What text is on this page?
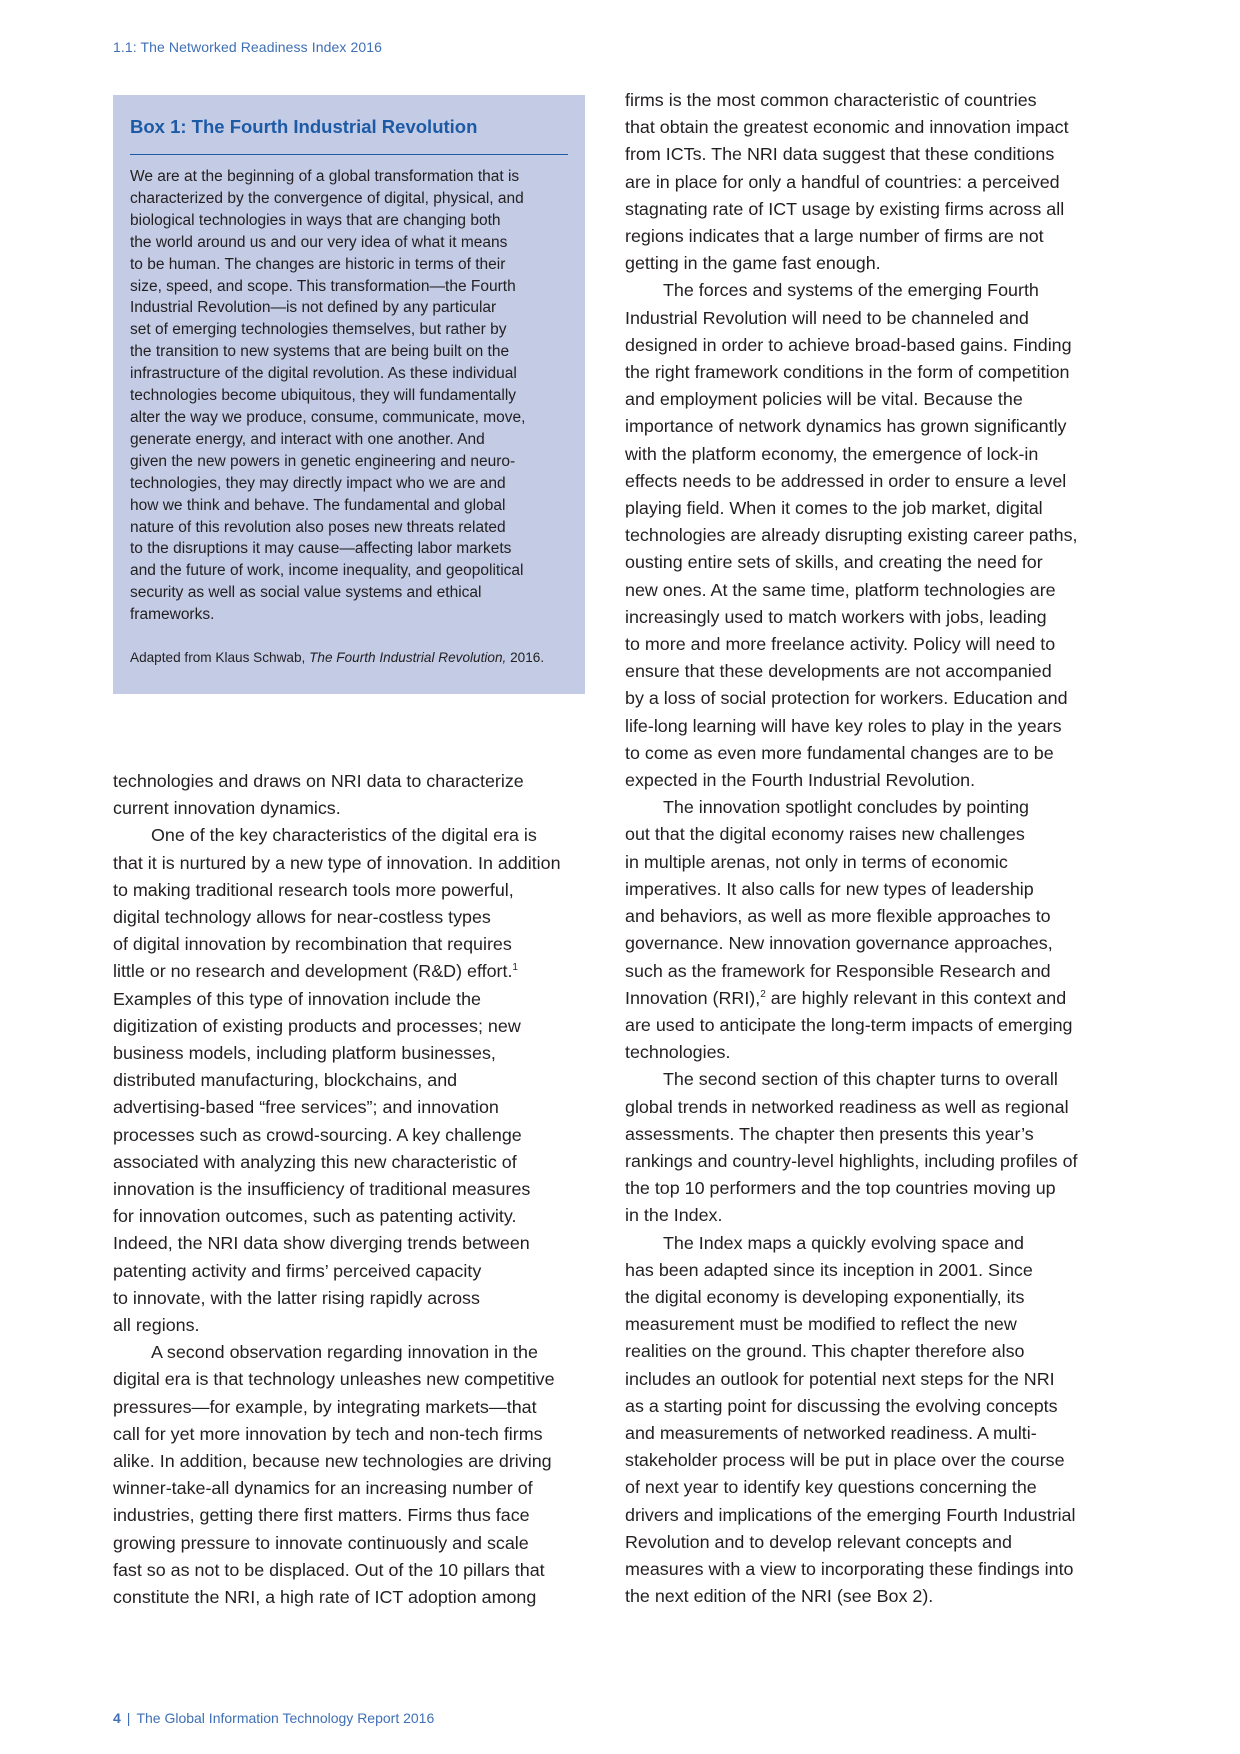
1.1: The Networked Readiness Index 2016
Box 1: The Fourth Industrial Revolution

We are at the beginning of a global transformation that is
characterized by the convergence of digital, physical, and
biological technologies in ways that are changing both
the world around us and our very idea of what it means
to be human. The changes are historic in terms of their
size, speed, and scope. This transformation—the Fourth
Industrial Revolution—is not defined by any particular
set of emerging technologies themselves, but rather by
the transition to new systems that are being built on the
infrastructure of the digital revolution. As these individual
technologies become ubiquitous, they will fundamentally
alter the way we produce, consume, communicate, move,
generate energy, and interact with one another. And
given the new powers in genetic engineering and neuro-
technologies, they may directly impact who we are and
how we think and behave. The fundamental and global
nature of this revolution also poses new threats related
to the disruptions it may cause—affecting labor markets
and the future of work, income inequality, and geopolitical
security as well as social value systems and ethical
frameworks.

Adapted from Klaus Schwab, The Fourth Industrial Revolution, 2016.

technologies and draws on NRI data to characterize
current innovation dynamics.

One of the key characteristics of the digital era is
that it is nurtured by a new type of innovation. In addition
to making traditional research tools more powerful,
digital technology allows for near-costless types
of digital innovation by recombination that requires
little or no research and development (R&D) effort.$^1$
Examples of this type of innovation include the
digitization of existing products and processes; new
business models, including platform businesses,
distributed manufacturing, blockchains, and
advertising-based “free services”; and innovation
processes such as crowd-sourcing. A key challenge
associated with analyzing this new characteristic of
innovation is the insufficiency of traditional measures
for innovation outcomes, such as patenting activity.
Indeed, the NRI data show diverging trends between
patenting activity and firms’ perceived capacity
to innovate, with the latter rising rapidly across
all regions.

A second observation regarding innovation in the
digital era is that technology unleashes new competitive
pressures—for example, by integrating markets—that
call for yet more innovation by tech and non-tech firms
alike. In addition, because new technologies are driving
winner-take-all dynamics for an increasing number of
industries, getting there first matters. Firms thus face
growing pressure to innovate continuously and scale
fast so as not to be displaced. Out of the 10 pillars that
constitute the NRI, a high rate of ICT adoption among

firms is the most common characteristic of countries
that obtain the greatest economic and innovation impact
from ICTs. The NRI data suggest that these conditions
are in place for only a handful of countries: a perceived
stagnating rate of ICT usage by existing firms across all
regions indicates that a large number of firms are not
getting in the game fast enough.

The forces and systems of the emerging Fourth
Industrial Revolution will need to be channeled and
designed in order to achieve broad-based gains. Finding
the right framework conditions in the form of competition
and employment policies will be vital. Because the
importance of network dynamics has grown significantly
with the platform economy, the emergence of lock-in
effects needs to be addressed in order to ensure a level
playing field. When it comes to the job market, digital
technologies are already disrupting existing career paths,
ousting entire sets of skills, and creating the need for
new ones. At the same time, platform technologies are
increasingly used to match workers with jobs, leading
to more and more freelance activity. Policy will need to
ensure that these developments are not accompanied
by a loss of social protection for workers. Education and
life-long learning will have key roles to play in the years
to come as even more fundamental changes are to be
expected in the Fourth Industrial Revolution.

The innovation spotlight concludes by pointing
out that the digital economy raises new challenges
in multiple arenas, not only in terms of economic
imperatives. It also calls for new types of leadership
and behaviors, as well as more flexible approaches to
governance. New innovation governance approaches,
such as the framework for Responsible Research and
Innovation (RRI),$^2$ are highly relevant in this context and
are used to anticipate the long-term impacts of emerging
technologies.

The second section of this chapter turns to overall
global trends in networked readiness as well as regional
assessments. The chapter then presents this year’s
rankings and country-level highlights, including profiles of
the top 10 performers and the top countries moving up
in the Index.

The Index maps a quickly evolving space and
has been adapted since its inception in 2001. Since
the digital economy is developing exponentially, its
measurement must be modified to reflect the new
realities on the ground. This chapter therefore also
includes an outlook for potential next steps for the NRI
as a starting point for discussing the evolving concepts
and measurements of networked readiness. A multi-
stakeholder process will be put in place over the course
of next year to identify key questions concerning the
drivers and implications of the emerging Fourth Industrial
Revolution and to develop relevant concepts and
measures with a view to incorporating these findings into
the next edition of the NRI (see Box 2).

4 | The Global Information Technology Report 2016
